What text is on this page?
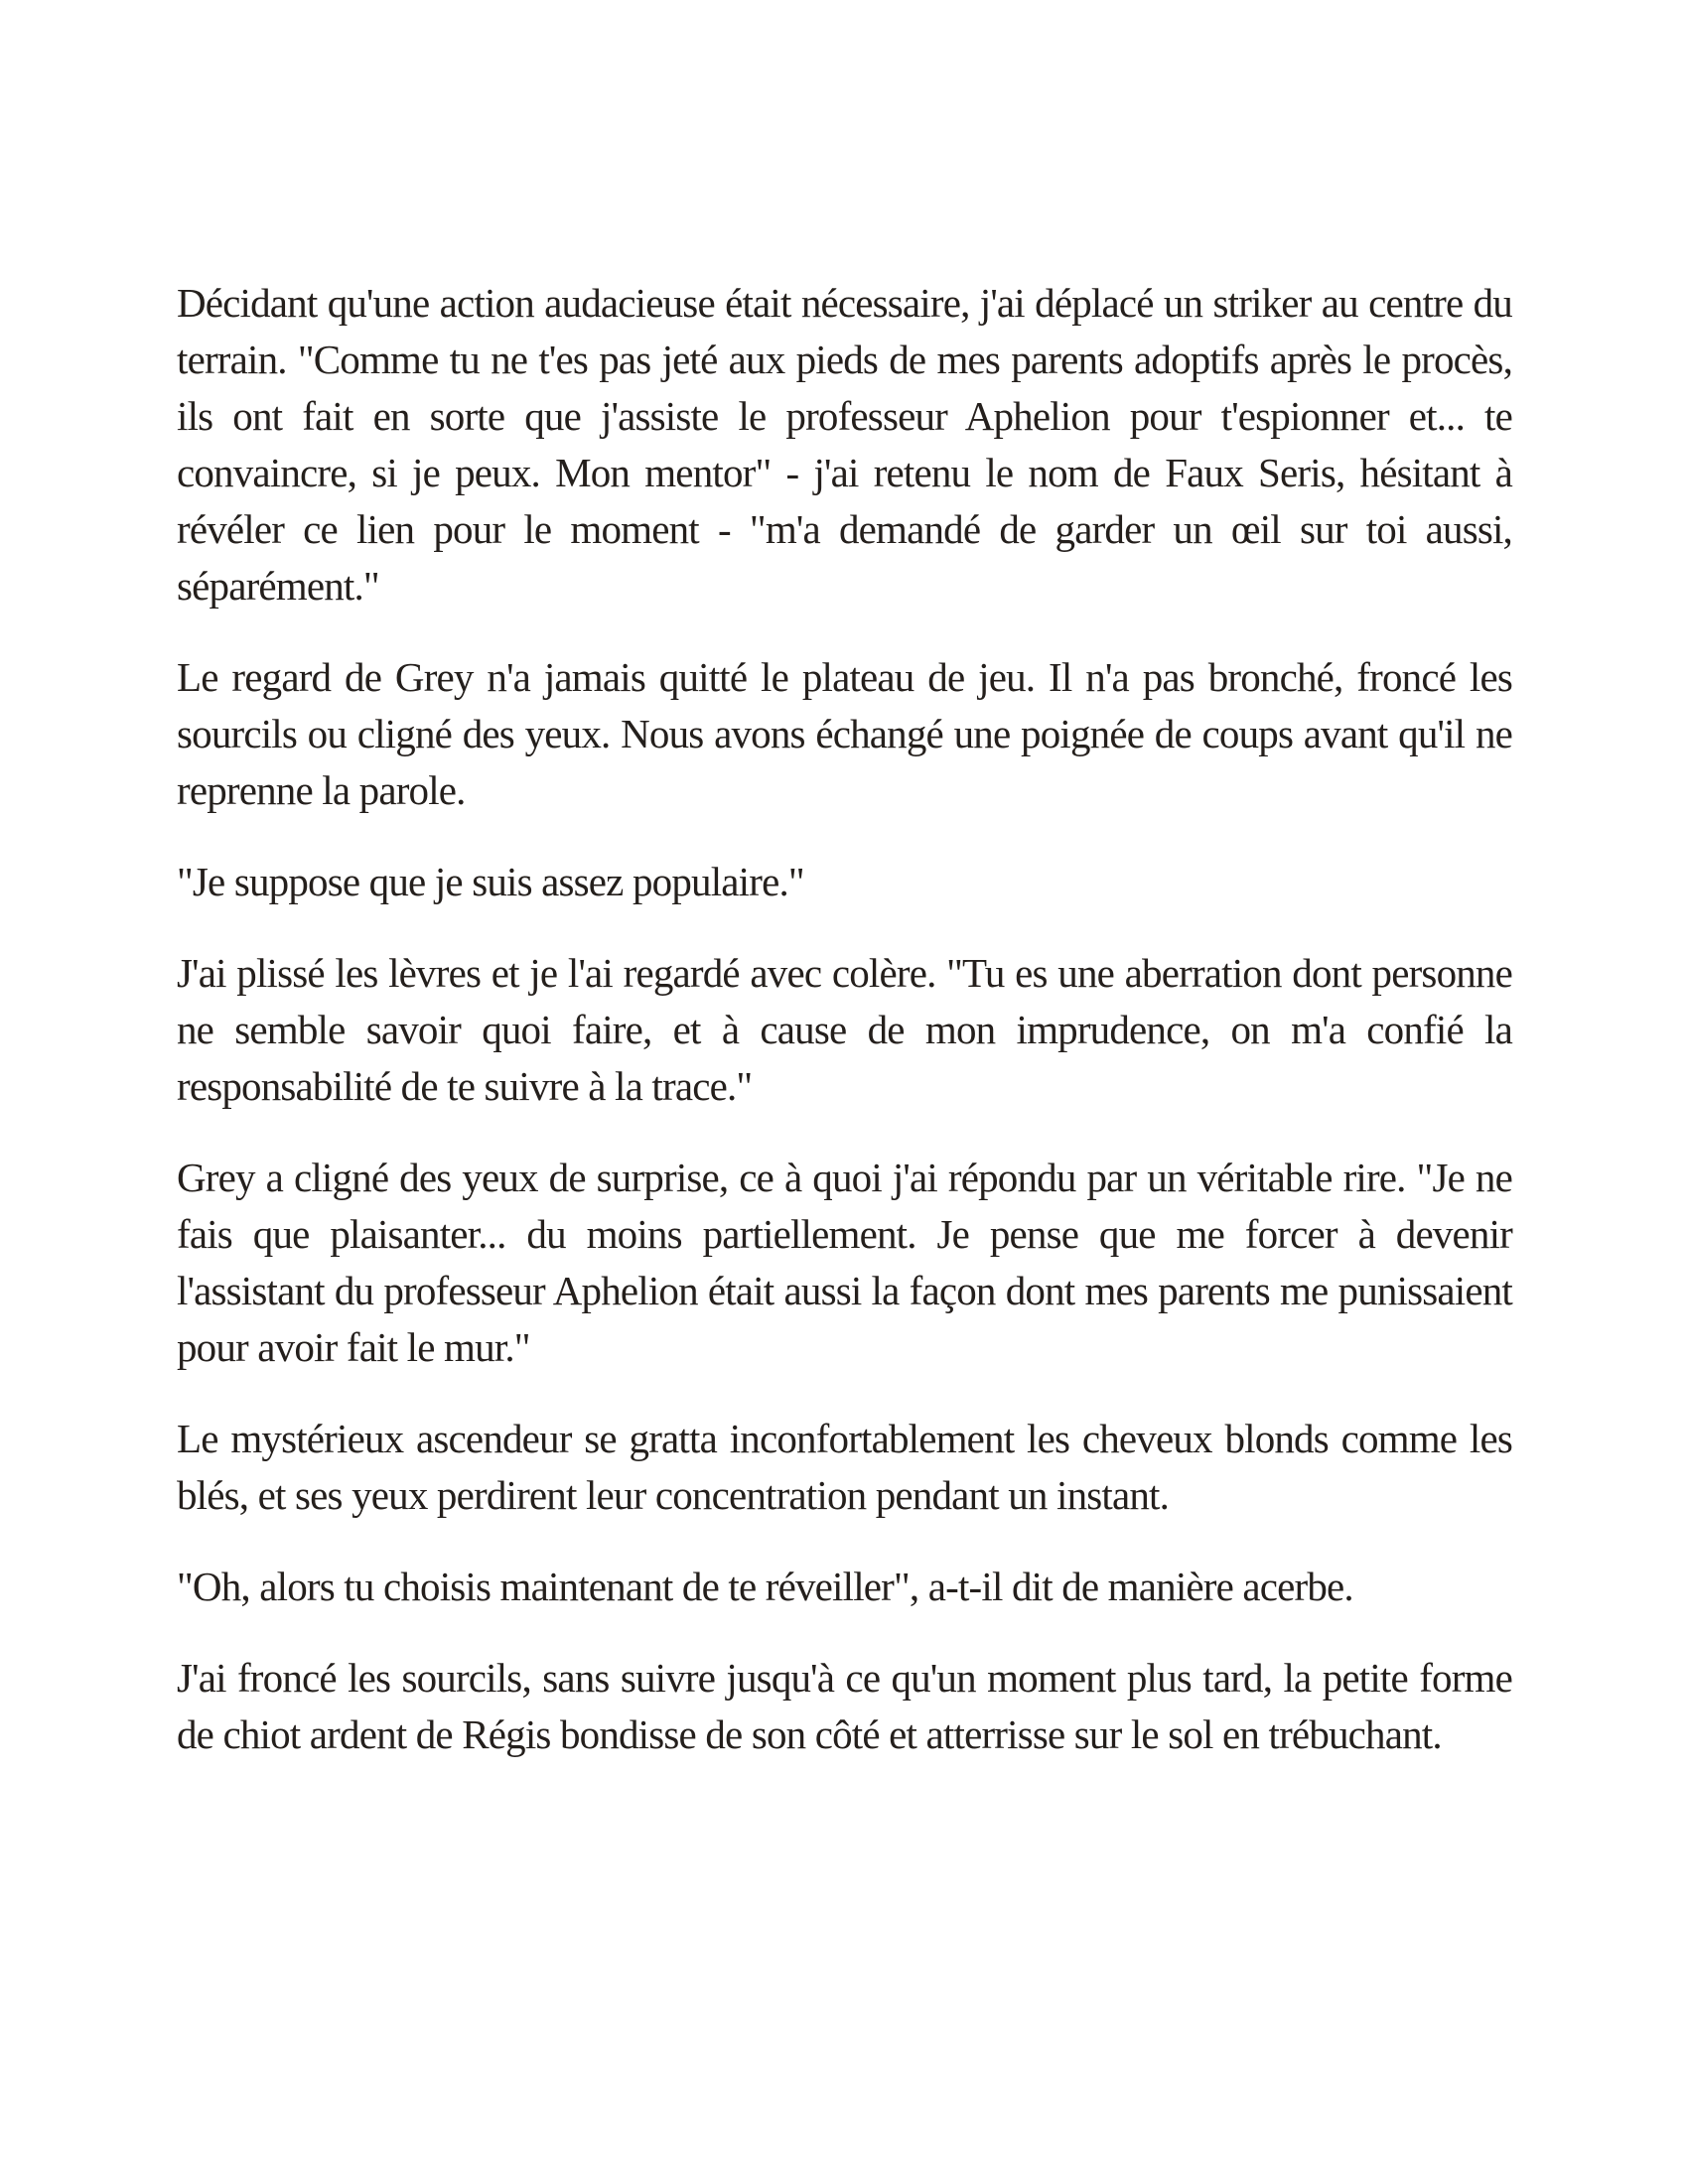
Décidant qu'une action audacieuse était nécessaire, j'ai déplacé un striker au centre du terrain. "Comme tu ne t'es pas jeté aux pieds de mes parents adoptifs après le procès, ils ont fait en sorte que j'assiste le professeur Aphelion pour t'espionner et... te convaincre, si je peux. Mon mentor" - j'ai retenu le nom de Faux Seris, hésitant à révéler ce lien pour le moment - "m'a demandé de garder un œil sur toi aussi, séparément."

Le regard de Grey n'a jamais quitté le plateau de jeu. Il n'a pas bronché, froncé les sourcils ou cligné des yeux. Nous avons échangé une poignée de coups avant qu'il ne reprenne la parole.

"Je suppose que je suis assez populaire."

J'ai plissé les lèvres et je l'ai regardé avec colère. "Tu es une aberration dont personne ne semble savoir quoi faire, et à cause de mon imprudence, on m'a confié la responsabilité de te suivre à la trace."

Grey a cligné des yeux de surprise, ce à quoi j'ai répondu par un véritable rire. "Je ne fais que plaisanter... du moins partiellement. Je pense que me forcer à devenir l'assistant du professeur Aphelion était aussi la façon dont mes parents me punissaient pour avoir fait le mur."

Le mystérieux ascendeur se gratta inconfortablement les cheveux blonds comme les blés, et ses yeux perdirent leur concentration pendant un instant.

"Oh, alors tu choisis maintenant de te réveiller", a-t-il dit de manière acerbe.

J'ai froncé les sourcils, sans suivre jusqu'à ce qu'un moment plus tard, la petite forme de chiot ardent de Régis bondisse de son côté et atterrisse sur le sol en trébuchant.
